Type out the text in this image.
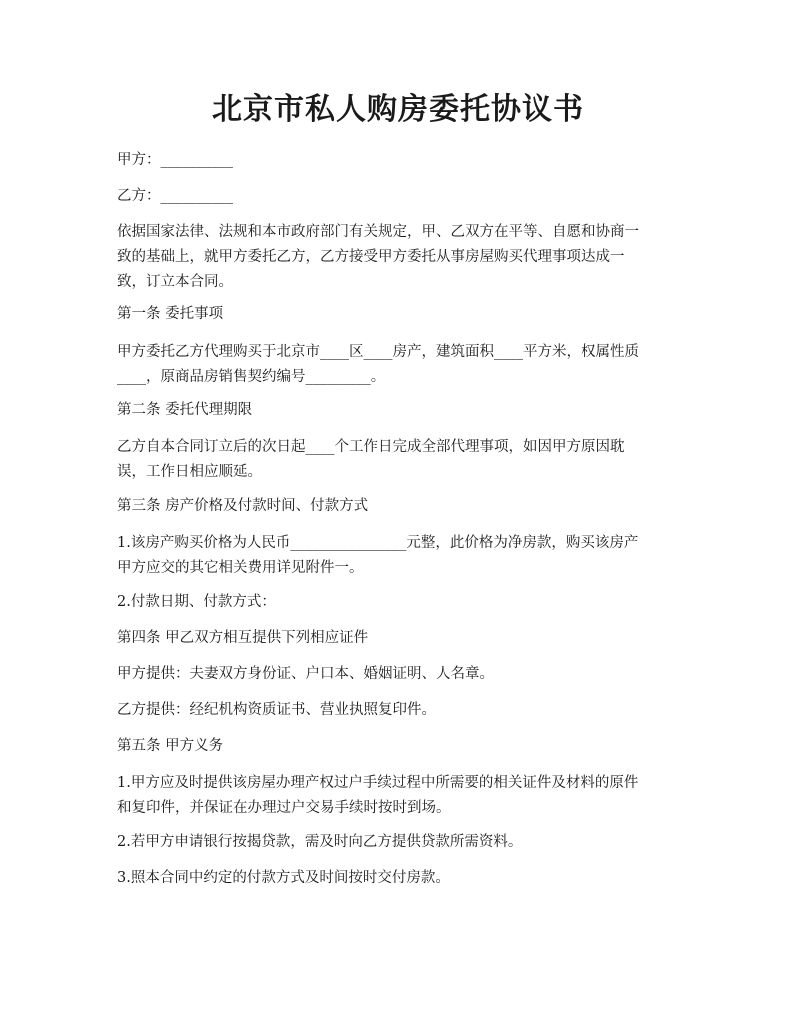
北京市私人购房委托协议书
甲方：__________
乙方：__________
依据国家法律、法规和本市政府部门有关规定，甲、乙双方在平等、自愿和协商一
致的基础上，就甲方委托乙方，乙方接受甲方委托从事房屋购买代理事项达成一
致，订立本合同。
第一条 委托事项
甲方委托乙方代理购买于北京市____区____房产，建筑面积____平方米，权属性质
____，原商品房销售契约编号_________。
第二条 委托代理期限
乙方自本合同订立后的次日起____个工作日完成全部代理事项，如因甲方原因耽
误，工作日相应顺延。
第三条 房产价格及付款时间、付款方式
1.该房产购买价格为人民币________________元整，此价格为净房款，购买该房产
甲方应交的其它相关费用详见附件一。
2.付款日期、付款方式：
第四条 甲乙双方相互提供下列相应证件
甲方提供：夫妻双方身份证、户口本、婚姻证明、人名章。
乙方提供：经纪机构资质证书、营业执照复印件。
第五条 甲方义务
1.甲方应及时提供该房屋办理产权过户手续过程中所需要的相关证件及材料的原件
和复印件，并保证在办理过户交易手续时按时到场。
2.若甲方申请银行按揭贷款，需及时向乙方提供贷款所需资料。
3.照本合同中约定的付款方式及时间按时交付房款。
